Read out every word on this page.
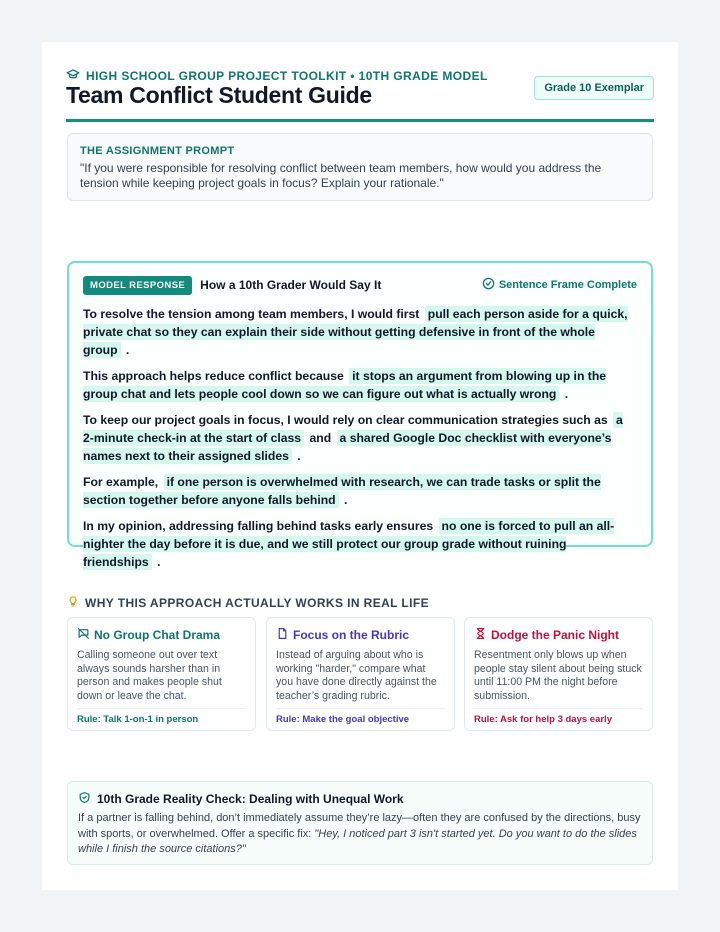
HIGH SCHOOL GROUP PROJECT TOOLKIT • 10TH GRADE MODEL
Team Conflict Student Guide	Grade 10 Exemplar
THE ASSIGNMENT PROMPT
"If you were responsible for resolving conflict between team members, how would you address the tension while keeping project goals in focus? Explain your rationale."
MODEL RESPONSE	How a 10th Grader Would Say It	Sentence Frame Complete
To resolve the tension among team members, I would first pull each person aside for a quick, private chat so they can explain their side without getting defensive in front of the whole group .
This approach helps reduce conflict because it stops an argument from blowing up in the group chat and lets people cool down so we can figure out what is actually wrong .
To keep our project goals in focus, I would rely on clear communication strategies such as a 2-minute check-in at the start of class and a shared Google Doc checklist with everyone’s names next to their assigned slides .
For example, if one person is overwhelmed with research, we can trade tasks or split the section together before anyone falls behind .
In my opinion, addressing falling behind tasks early ensures no one is forced to pull an all-nighter the day before it is due, and we still protect our group grade without ruining friendships .
WHY THIS APPROACH ACTUALLY WORKS IN REAL LIFE
No Group Chat Drama
Calling someone out over text always sounds harsher than in person and makes people shut down or leave the chat.
Rule: Talk 1-on-1 in person
Focus on the Rubric
Instead of arguing about who is working "harder," compare what you have done directly against the teacher’s grading rubric.
Rule: Make the goal objective
Dodge the Panic Night
Resentment only blows up when people stay silent about being stuck until 11:00 PM the night before submission.
Rule: Ask for help 3 days early
10th Grade Reality Check: Dealing with Unequal Work
If a partner is falling behind, don’t immediately assume they’re lazy—often they are confused by the directions, busy with sports, or overwhelmed. Offer a specific fix: "Hey, I noticed part 3 isn't started yet. Do you want to do the slides while I finish the source citations?"
